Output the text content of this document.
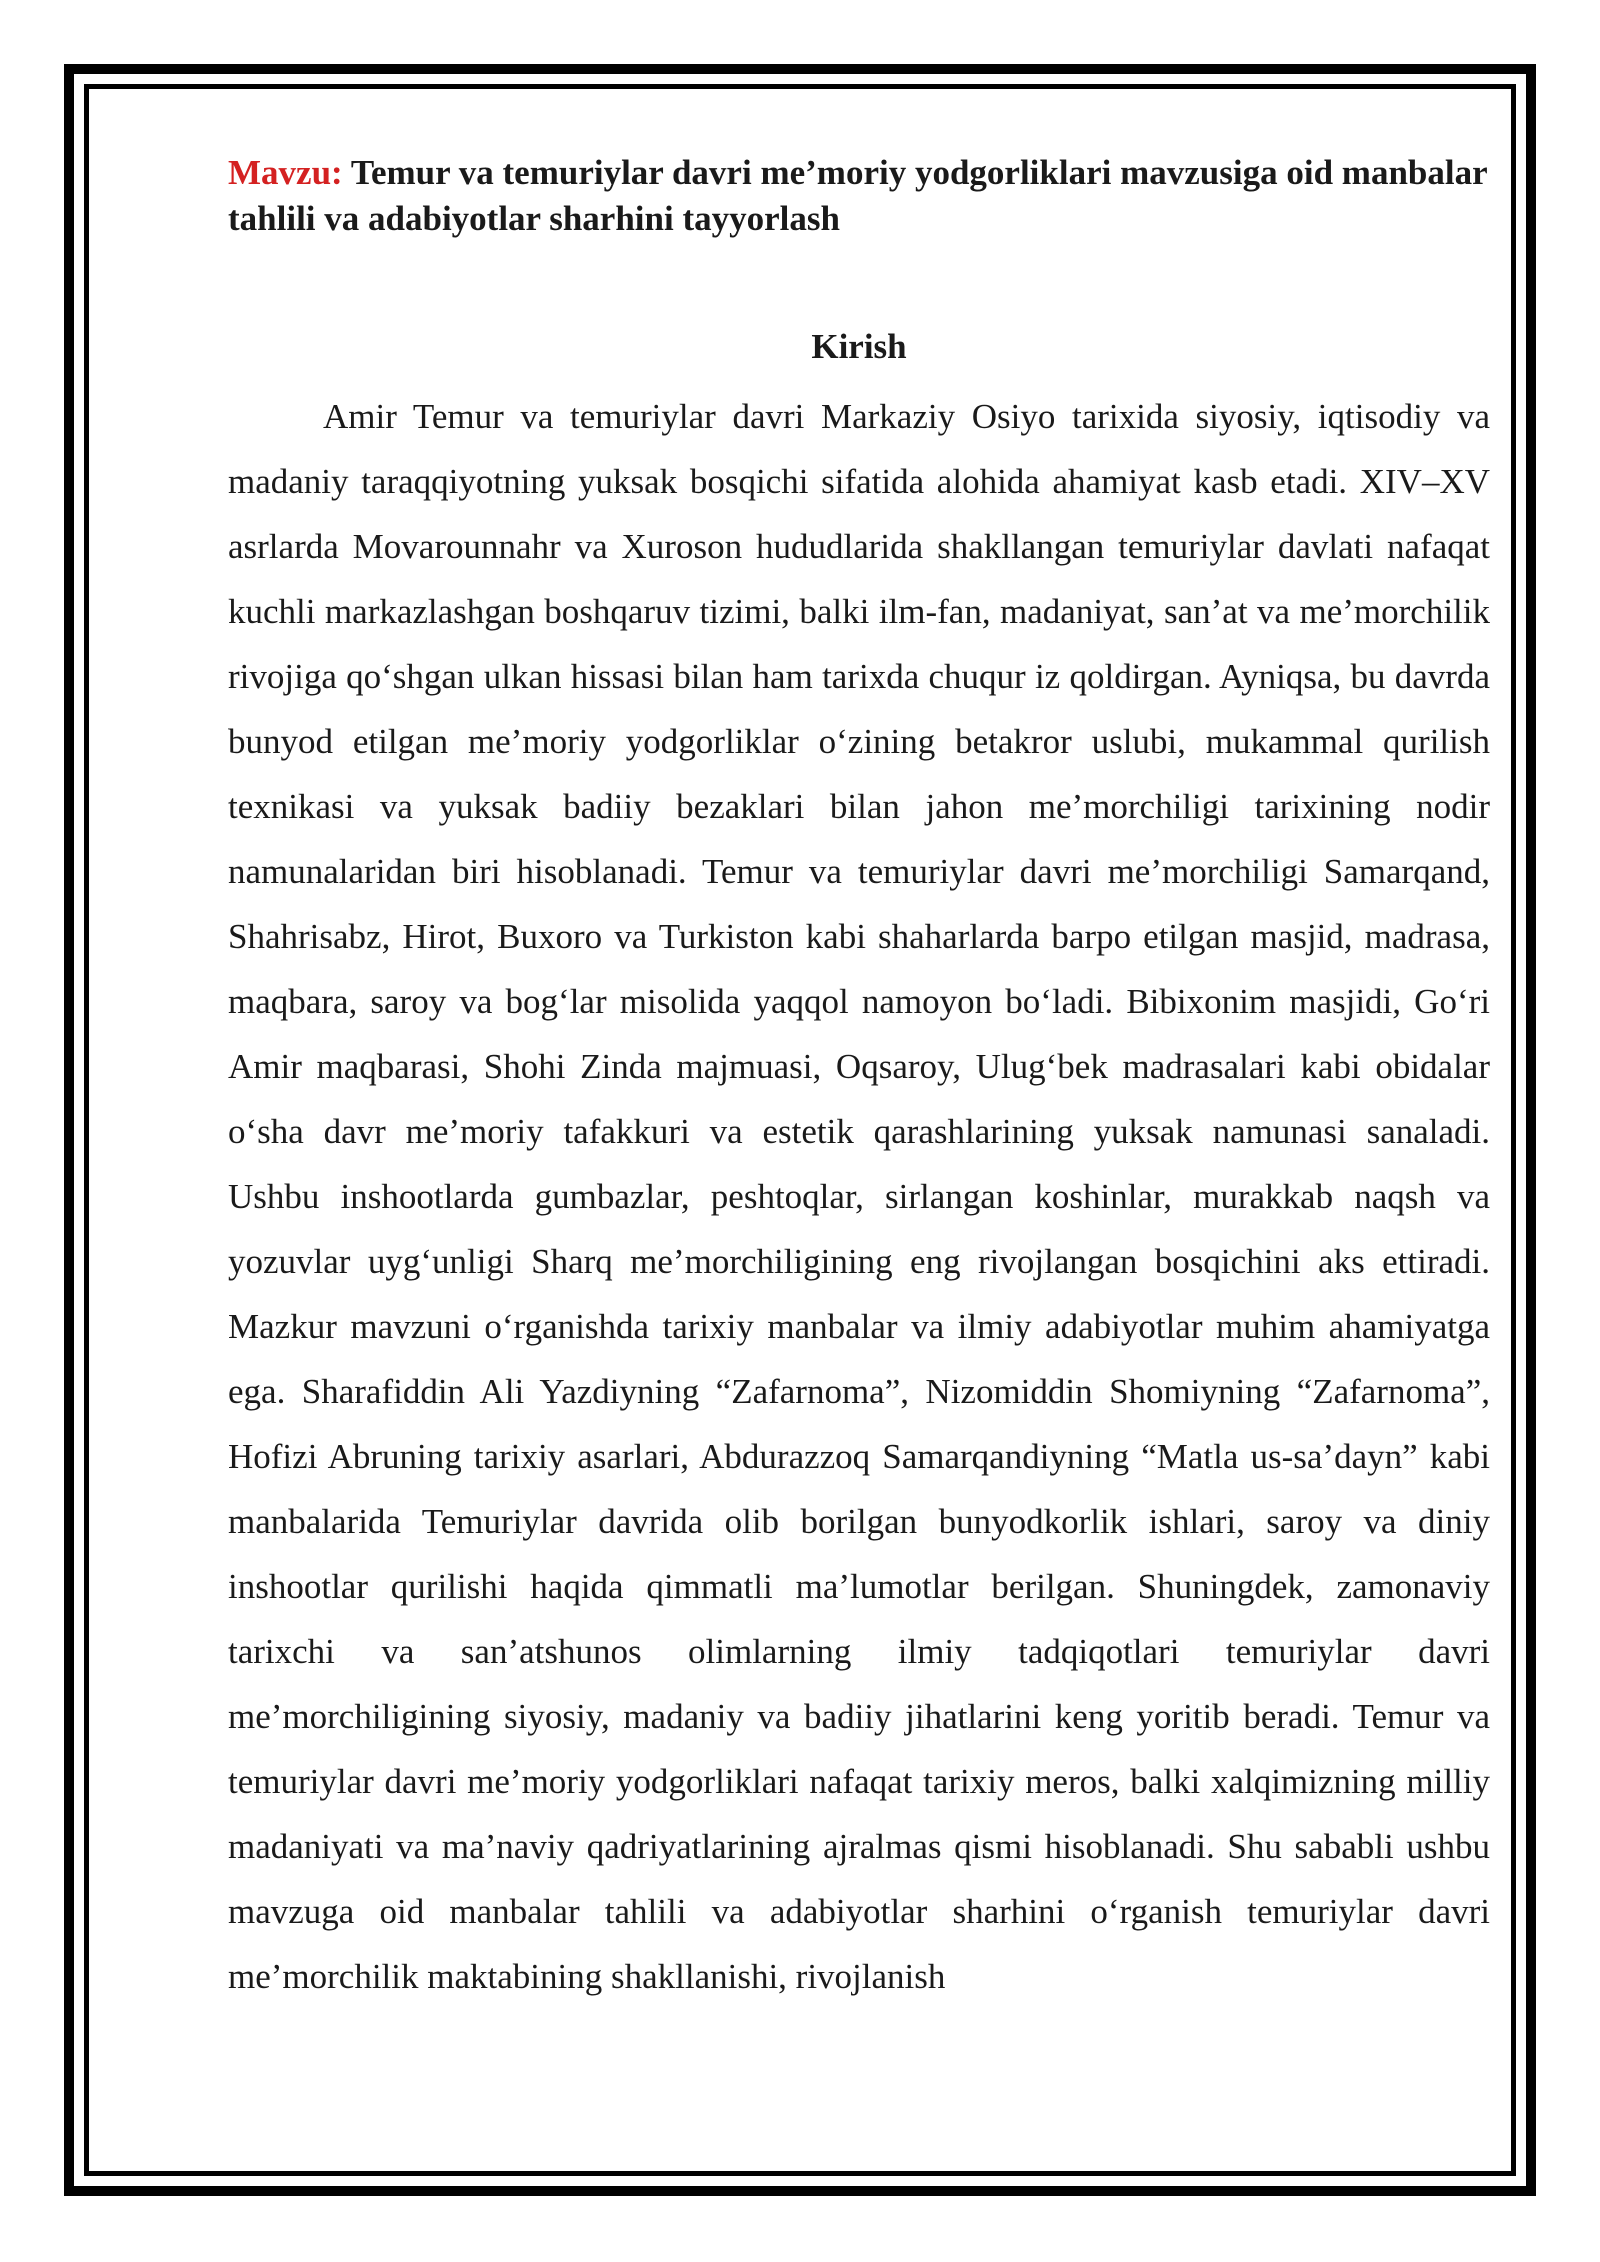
Mavzu: Temur va temuriylar davri me’moriy yodgorliklari mavzusiga oid manbalar tahlili va adabiyotlar sharhini tayyorlash

Kirish

Amir Temur va temuriylar davri Markaziy Osiyo tarixida siyosiy, iqtisodiy va madaniy taraqqiyotning yuksak bosqichi sifatida alohida ahamiyat kasb etadi. XIV–XV asrlarda Movarounnahr va Xuroson hududlarida shakllangan temuriylar davlati nafaqat kuchli markazlashgan boshqaruv tizimi, balki ilm-fan, madaniyat, san’at va me’morchilik rivojiga qo‘shgan ulkan hissasi bilan ham tarixda chuqur iz qoldirgan. Ayniqsa, bu davrda bunyod etilgan me’moriy yodgorliklar o‘zining betakror uslubi, mukammal qurilish texnikasi va yuksak badiiy bezaklari bilan jahon me’morchiligi tarixining nodir namunalaridan biri hisoblanadi. Temur va temuriylar davri me’morchiligi Samarqand, Shahrisabz, Hirot, Buxoro va Turkiston kabi shaharlarda barpo etilgan masjid, madrasa, maqbara, saroy va bog‘lar misolida yaqqol namoyon bo‘ladi. Bibixonim masjidi, Go‘ri Amir maqbarasi, Shohi Zinda majmuasi, Oqsaroy, Ulug‘bek madrasalari kabi obidalar o‘sha davr me’moriy tafakkuri va estetik qarashlarining yuksak namunasi sanaladi. Ushbu inshootlarda gumbazlar, peshtoqlar, sirlangan koshinlar, murakkab naqsh va yozuvlar uyg‘unligi Sharq me’morchiligining eng rivojlangan bosqichini aks ettiradi. Mazkur mavzuni o‘rganishda tarixiy manbalar va ilmiy adabiyotlar muhim ahamiyatga ega. Sharafiddin Ali Yazdiyning “Zafarnoma”, Nizomiddin Shomiyning “Zafarnoma”, Hofizi Abruning tarixiy asarlari, Abdurazzoq Samarqandiyning “Matla us-sa’dayn” kabi manbalarida Temuriylar davrida olib borilgan bunyodkorlik ishlari, saroy va diniy inshootlar qurilishi haqida qimmatli ma’lumotlar berilgan. Shuningdek, zamonaviy tarixchi va san’atshunos olimlarning ilmiy tadqiqotlari temuriylar davri me’morchiligining siyosiy, madaniy va badiiy jihatlarini keng yoritib beradi. Temur va temuriylar davri me’moriy yodgorliklari nafaqat tarixiy meros, balki xalqimizning milliy madaniyati va ma’naviy qadriyatlarining ajralmas qismi hisoblanadi. Shu sababli ushbu mavzuga oid manbalar tahlili va adabiyotlar sharhini o‘rganish temuriylar davri me’morchilik maktabining shakllanishi, rivojlanish
